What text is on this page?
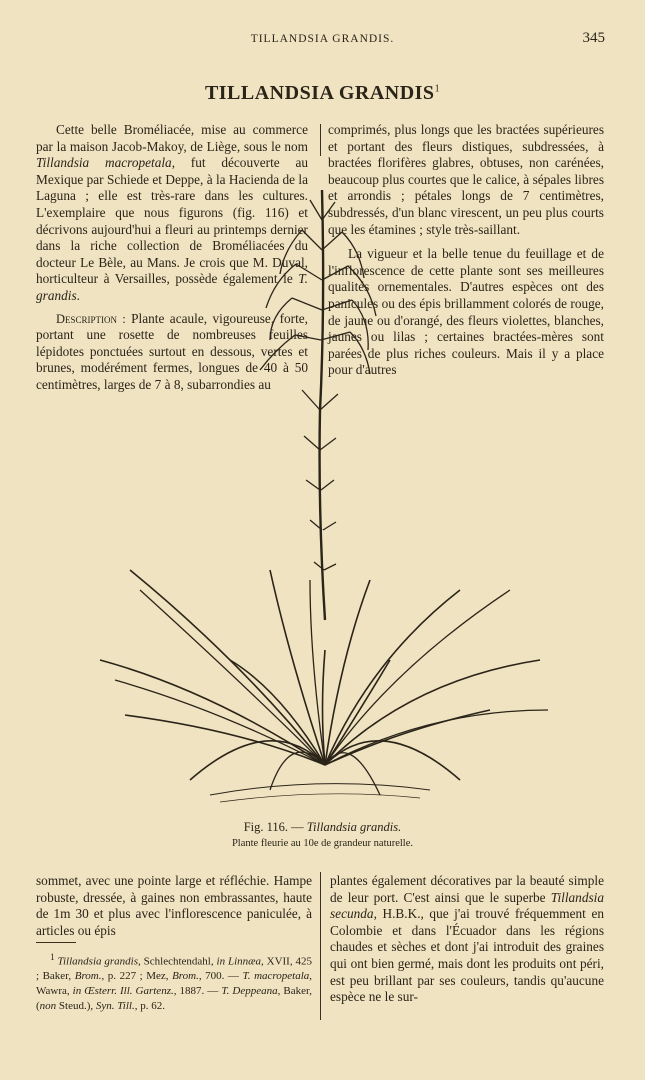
TILLANDSIA GRANDIS.	345
TILLANDSIA GRANDIS$^1$

Cette belle Broméliacée, mise au commerce par la maison Jacob-Makoy, de Liège, sous le nom Tillandsia macropetala, fut découverte au Mexique par Schiede et Deppe, à la Hacienda de la Laguna ; elle est très-rare dans les cultures. L'exemplaire que nous figurons (fig. 116) et décrivons aujourd'hui a fleuri au printemps dernier dans la riche collection de Broméliacées du docteur Le Bèle, au Mans. Je crois que M. Duval, horticulteur à Versailles, possède également le T. grandis.

Description : Plante acaule, vigoureuse, forte, portant une rosette de nombreuses feuilles lépidotes ponctuées surtout en dessous, vertes et brunes, modérément fermes, longues de 40 à 50 centimètres, larges de 7 à 8, subarrondies au

comprimés, plus longs que les bractées supérieures et portant des fleurs distiques, subdressées, à bractées florifères glabres, obtuses, non carénées, beaucoup plus courtes que le calice, à sépales libres et arrondis ; pétales longs de 7 centimètres, subdressés, d'un blanc virescent, un peu plus courts que les étamines ; style très-saillant.

La vigueur et la belle tenue du feuillage et de l'inflorescence de cette plante sont ses meilleures qualités ornementales. D'autres espèces ont des panicules ou des épis brillamment colorés de rouge, de jaune ou d'orangé, des fleurs violettes, blanches, jaunes ou lilas ; certaines bractées-mères sont parées de plus riches couleurs. Mais il y a place pour d'autres

Fig. 116. — Tillandsia grandis.
Plante fleurie au 10e de grandeur naturelle.

sommet, avec une pointe large et réfléchie. Hampe robuste, dressée, à gaines non embrassantes, haute de 1m 30 et plus avec l'inflorescence paniculée, à articles ou épis

$^1$ Tillandsia grandis, Schlechtendahl, in Linnæa, XVII, 425 ; Baker, Brom., p. 227 ; Mez, Brom., 700. — T. macropetala, Wawra, in Œsterr. Ill. Gartenz., 1887. — T. Deppeana, Baker, (non Steud.), Syn. Till., p. 62.

plantes également décoratives par la beauté simple de leur port. C'est ainsi que le superbe Tillandsia secunda, H.B.K., que j'ai trouvé fréquemment en Colombie et dans l'Écuador dans les régions chaudes et sèches et dont j'ai introduit des graines qui ont bien germé, mais dont les produits ont péri, est peu brillant par ses couleurs, tandis qu'aucune espèce ne le sur-
